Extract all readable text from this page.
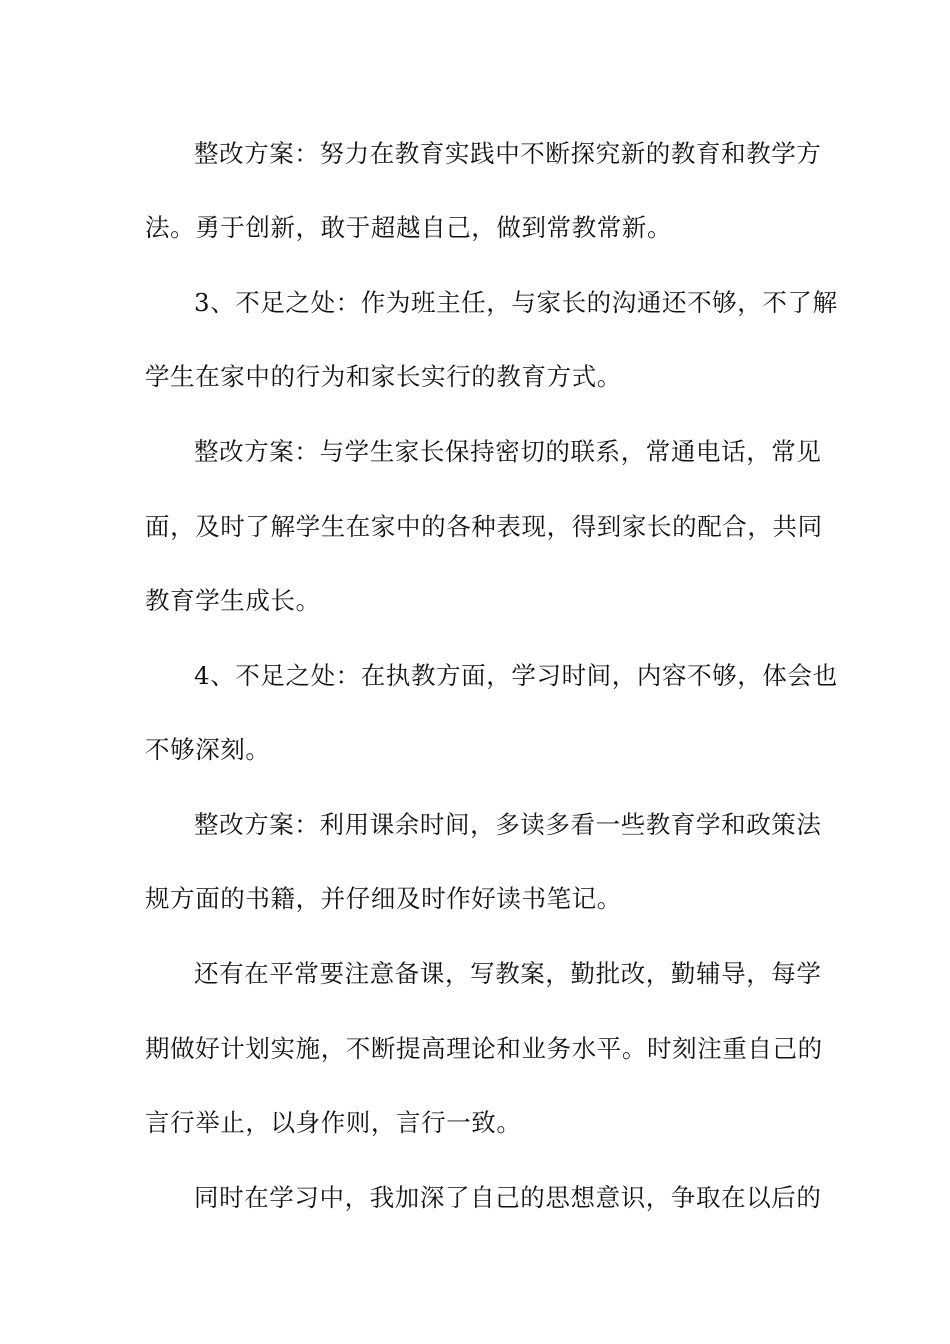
整改方案：努力在教育实践中不断探究新的教育和教学方
法。勇于创新，敢于超越自己，做到常教常新。
3、不足之处：作为班主任，与家长的沟通还不够，不了解
学生在家中的行为和家长实行的教育方式。
整改方案：与学生家长保持密切的联系，常通电话，常见
面，及时了解学生在家中的各种表现，得到家长的配合，共同
教育学生成长。
4、不足之处：在执教方面，学习时间，内容不够，体会也
不够深刻。
整改方案：利用课余时间，多读多看一些教育学和政策法
规方面的书籍，并仔细及时作好读书笔记。
还有在平常要注意备课，写教案，勤批改，勤辅导，每学
期做好计划实施，不断提高理论和业务水平。时刻注重自己的
言行举止，以身作则，言行一致。
同时在学习中，我加深了自己的思想意识，争取在以后的
